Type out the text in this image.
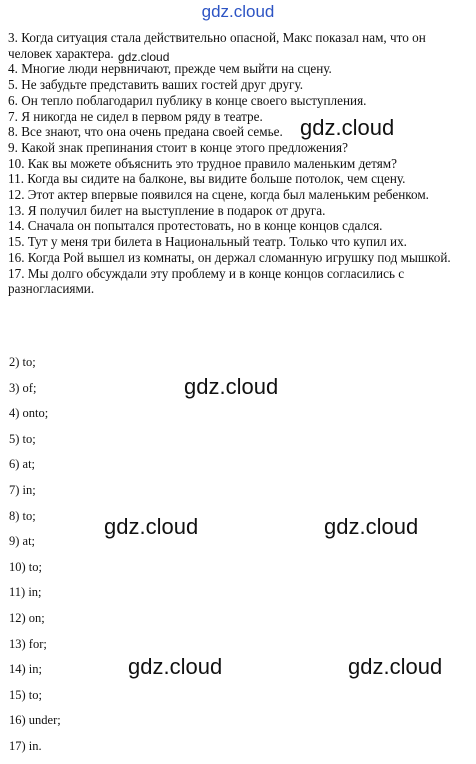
gdz.cloud

3. Когда ситуация стала действительно опасной, Макс показал нам, что он человек характера.

4. Многие люди нервничают, прежде чем выйти на сцену.

5. Не забудьте представить ваших гостей друг другу.

6. Он тепло поблагодарил публику в конце своего выступления.

7. Я никогда не сидел в первом ряду в театре.

8. Все знают, что она очень предана своей семье.

9. Какой знак препинания стоит в конце этого предложения?

10. Как вы можете объяснить это трудное правило маленьким детям?

11. Когда вы сидите на балконе, вы видите больше потолок, чем сцену.

12. Этот актер впервые появился на сцене, когда был маленьким ребенком.

13. Я получил билет на выступление в подарок от друга.

14. Сначала он попытался протестовать, но в конце концов сдался.

15. Тут у меня три билета в Национальный театр. Только что купил их.

16. Когда Рой вышел из комнаты, он держал сломанную игрушку под мышкой.

17. Мы долго обсуждали эту проблему и в конце концов согласились с разногласиями.

2) to;
3) of;
4) onto;
5) to;
6) at;
7) in;
8) to;
9) at;
10) to;
11) in;
12) on;
13) for;
14) in;
15) to;
16) under;
17) in.
gdz.cloud
gdz.cloud
gdz.cloud
gdz.cloud	gdz.cloud
gdz.cloud	gdz.cloud
